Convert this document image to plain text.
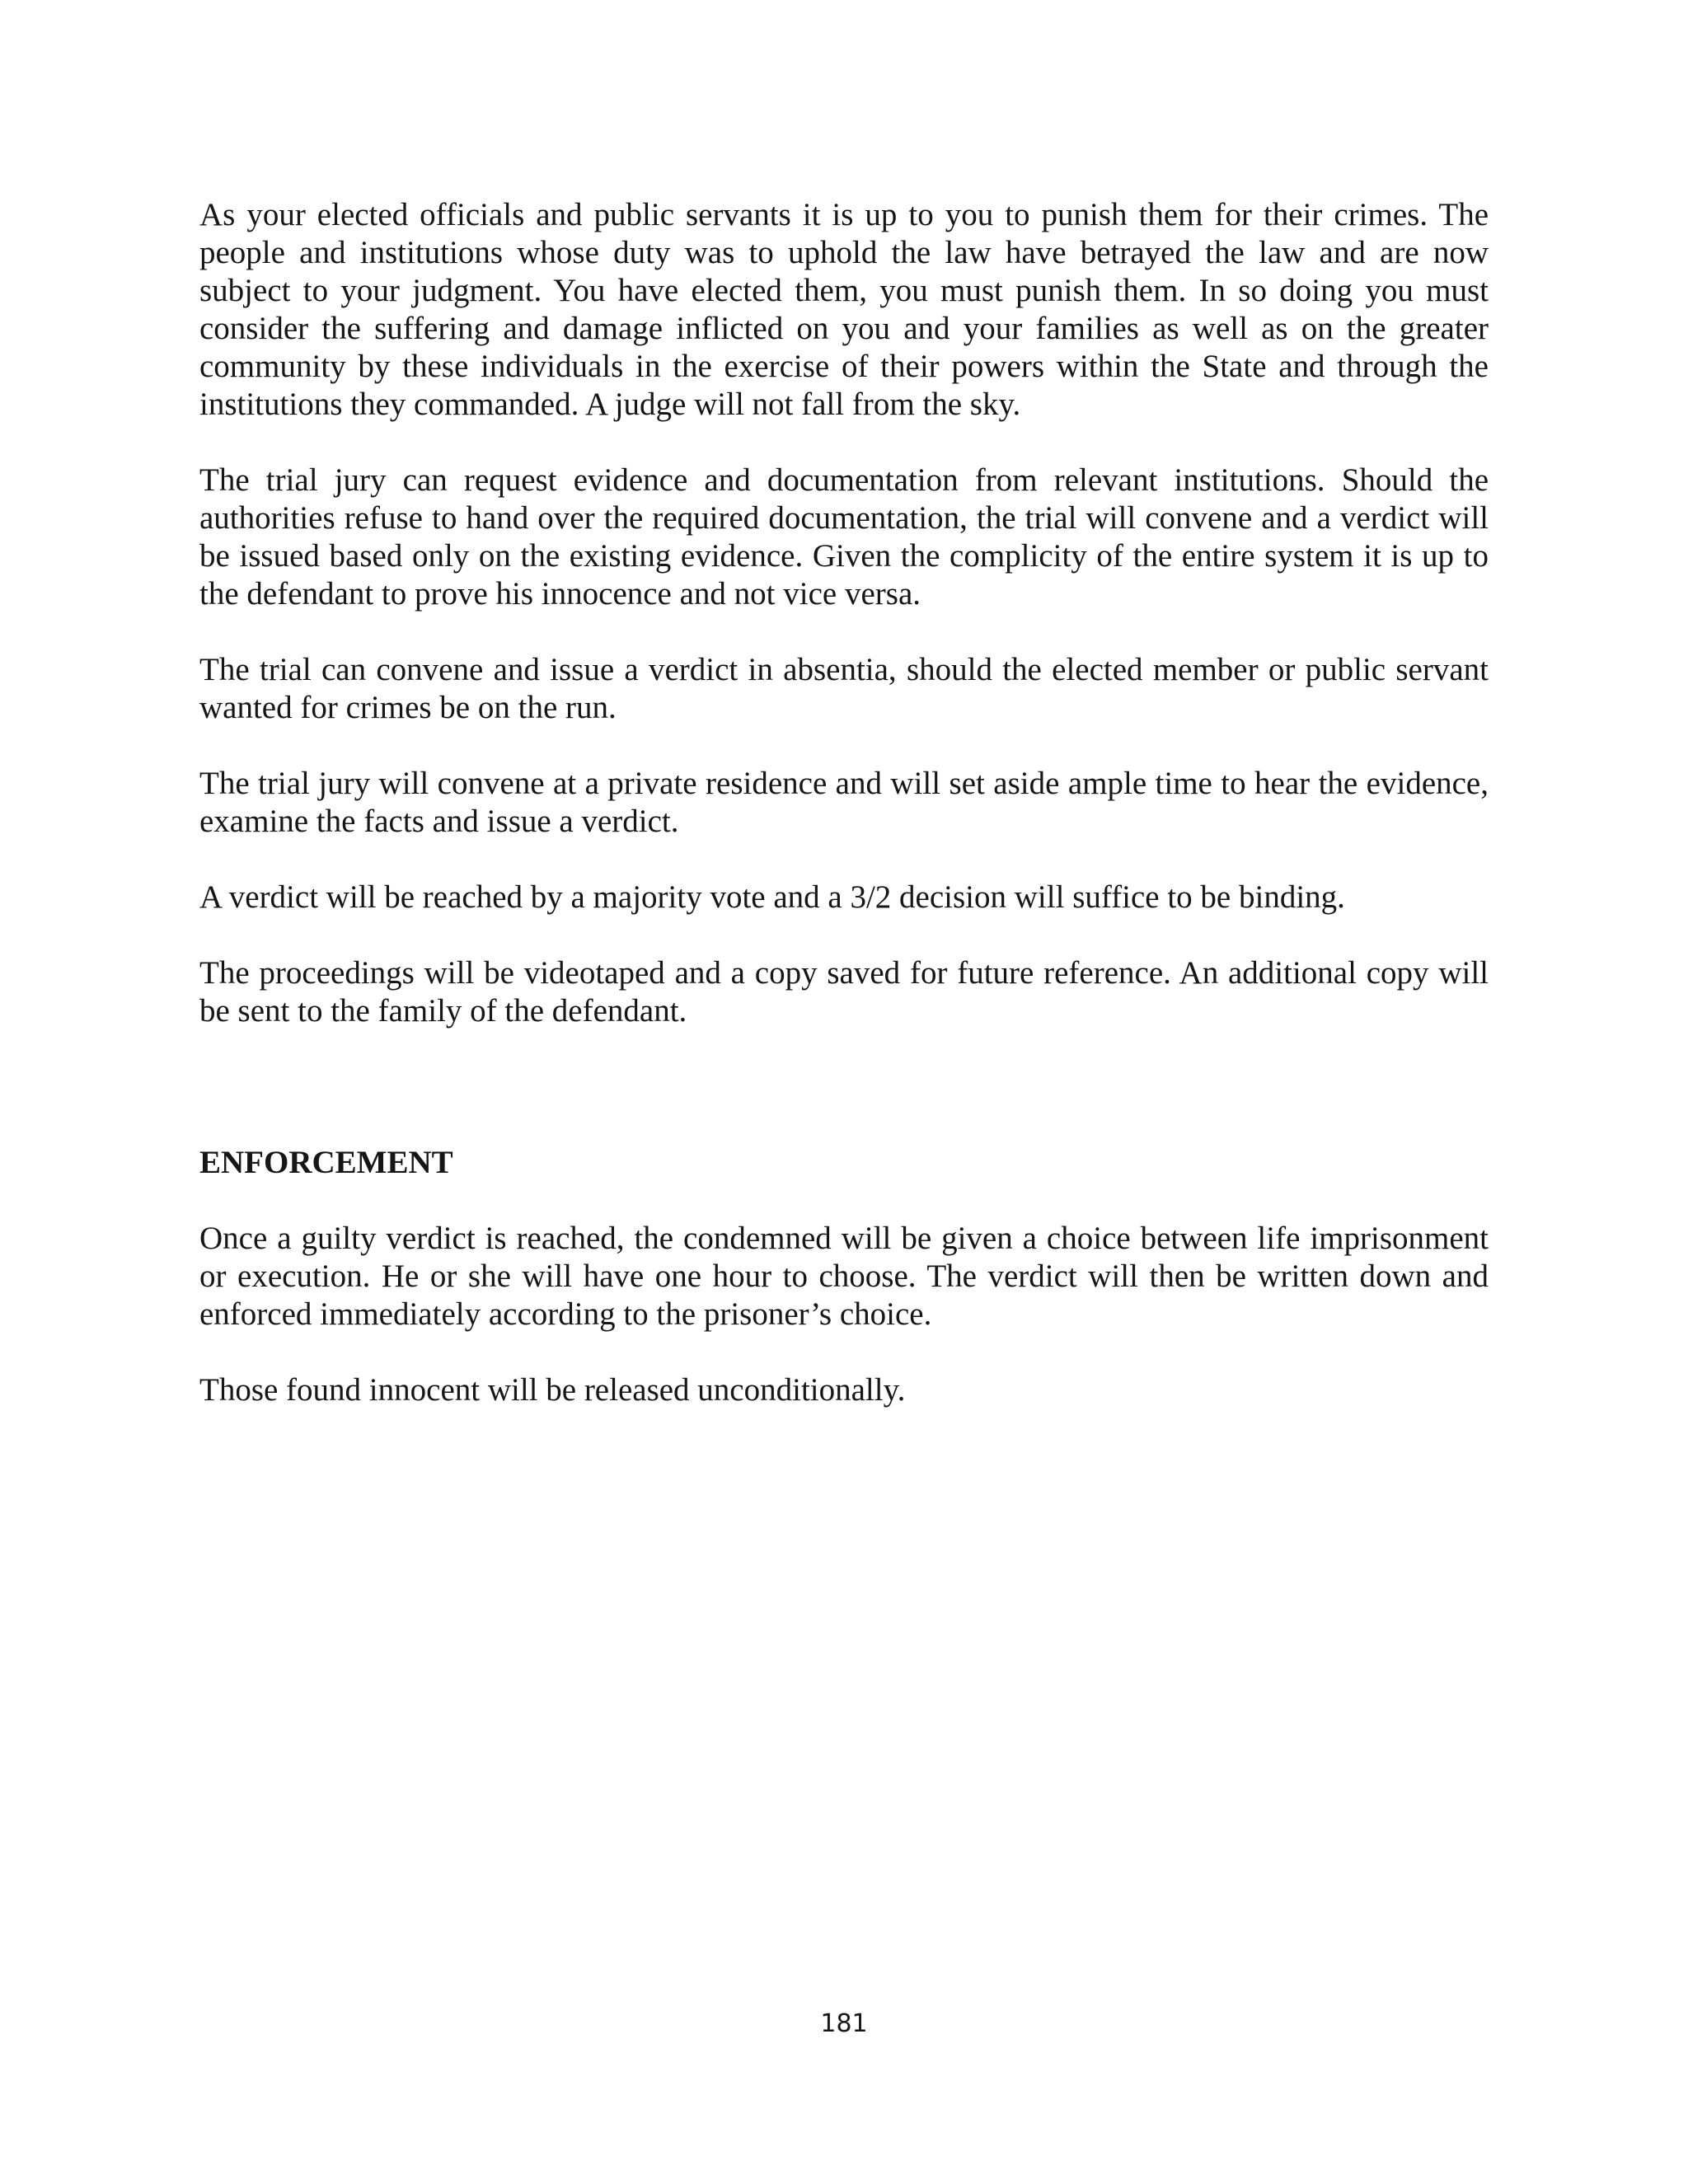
As your elected officials and public servants it is up to you to punish them for their crimes. The people and institutions whose duty was to uphold the law have betrayed the law and are now subject to your judgment. You have elected them, you must punish them. In so doing you must consider the suffering and damage inflicted on you and your families as well as on the greater community by these individuals in the exercise of their powers within the State and through the institutions they commanded. A judge will not fall from the sky.

The trial jury can request evidence and documentation from relevant institutions. Should the authorities refuse to hand over the required documentation, the trial will convene and a verdict will be issued based only on the existing evidence. Given the complicity of the entire system it is up to the defendant to prove his innocence and not vice versa.

The trial can convene and issue a verdict in absentia, should the elected member or public servant wanted for crimes be on the run.

The trial jury will convene at a private residence and will set aside ample time to hear the evidence, examine the facts and issue a verdict.

A verdict will be reached by a majority vote and a 3/2 decision will suffice to be binding.

The proceedings will be videotaped and a copy saved for future reference. An additional copy will be sent to the family of the defendant.

ENFORCEMENT

Once a guilty verdict is reached, the condemned will be given a choice between life imprisonment or execution. He or she will have one hour to choose. The verdict will then be written down and enforced immediately according to the prisoner’s choice.

Those found innocent will be released unconditionally.

181
